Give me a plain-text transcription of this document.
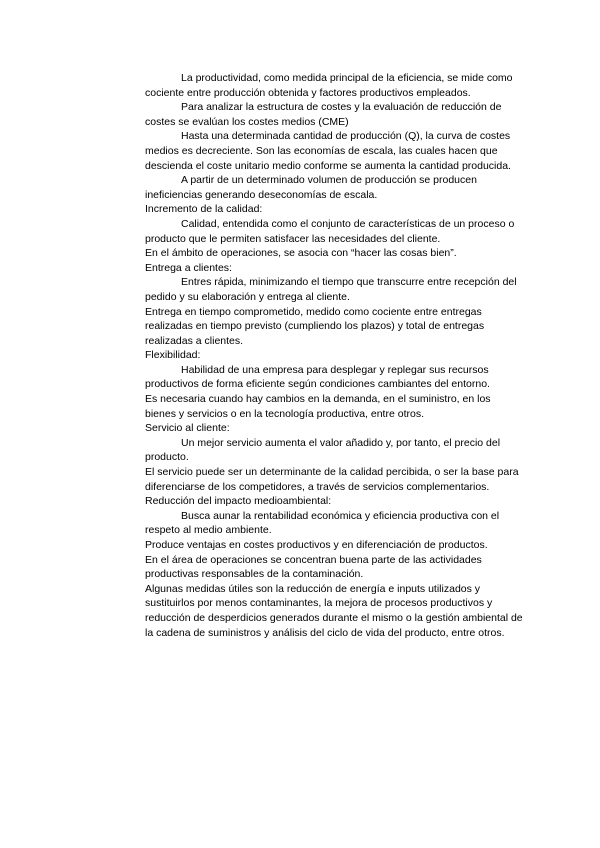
La productividad, como medida principal de la eficiencia, se mide como cociente entre producción obtenida y factores productivos empleados.

Para analizar la estructura de costes y la evaluación de reducción de costes se evalúan los costes medios (CME)

Hasta una determinada cantidad de producción (Q), la curva de costes medios es decreciente. Son las economías de escala, las cuales hacen que descienda el coste unitario medio conforme se aumenta la cantidad producida.

A partir de un determinado volumen de producción se producen ineficiencias generando deseconomías de escala.

Incremento de la calidad:

Calidad, entendida como el conjunto de características de un proceso o producto que le permiten satisfacer las necesidades del cliente.

En el ámbito de operaciones, se asocia con “hacer las cosas bien”.

Entrega a clientes:

Entres rápida, minimizando el tiempo que transcurre entre recepción del pedido y su elaboración y entrega al cliente.

Entrega en tiempo comprometido, medido como cociente entre entregas realizadas en tiempo previsto (cumpliendo los plazos) y total de entregas realizadas a clientes.

Flexibilidad:

Habilidad de una empresa para desplegar y replegar sus recursos productivos de forma eficiente según condiciones cambiantes del entorno.

Es necesaria cuando hay cambios en la demanda, en el suministro, en los bienes y servicios o en la tecnología productiva, entre otros.

Servicio al cliente:

Un mejor servicio aumenta el valor añadido y, por tanto, el precio del producto.

El servicio puede ser un determinante de la calidad percibida, o ser la base para diferenciarse de los competidores, a través de servicios complementarios.

Reducción del impacto medioambiental:

Busca aunar la rentabilidad económica y eficiencia productiva con el respeto al medio ambiente.

Produce ventajas en costes productivos y en diferenciación de productos.

En el área de operaciones se concentran buena parte de las actividades productivas responsables de la contaminación.

Algunas medidas útiles son la reducción de energía e inputs utilizados y sustituirlos por menos contaminantes, la mejora de procesos productivos y reducción de desperdicios generados durante el mismo o la gestión ambiental de la cadena de suministros y análisis del ciclo de vida del producto, entre otros.
